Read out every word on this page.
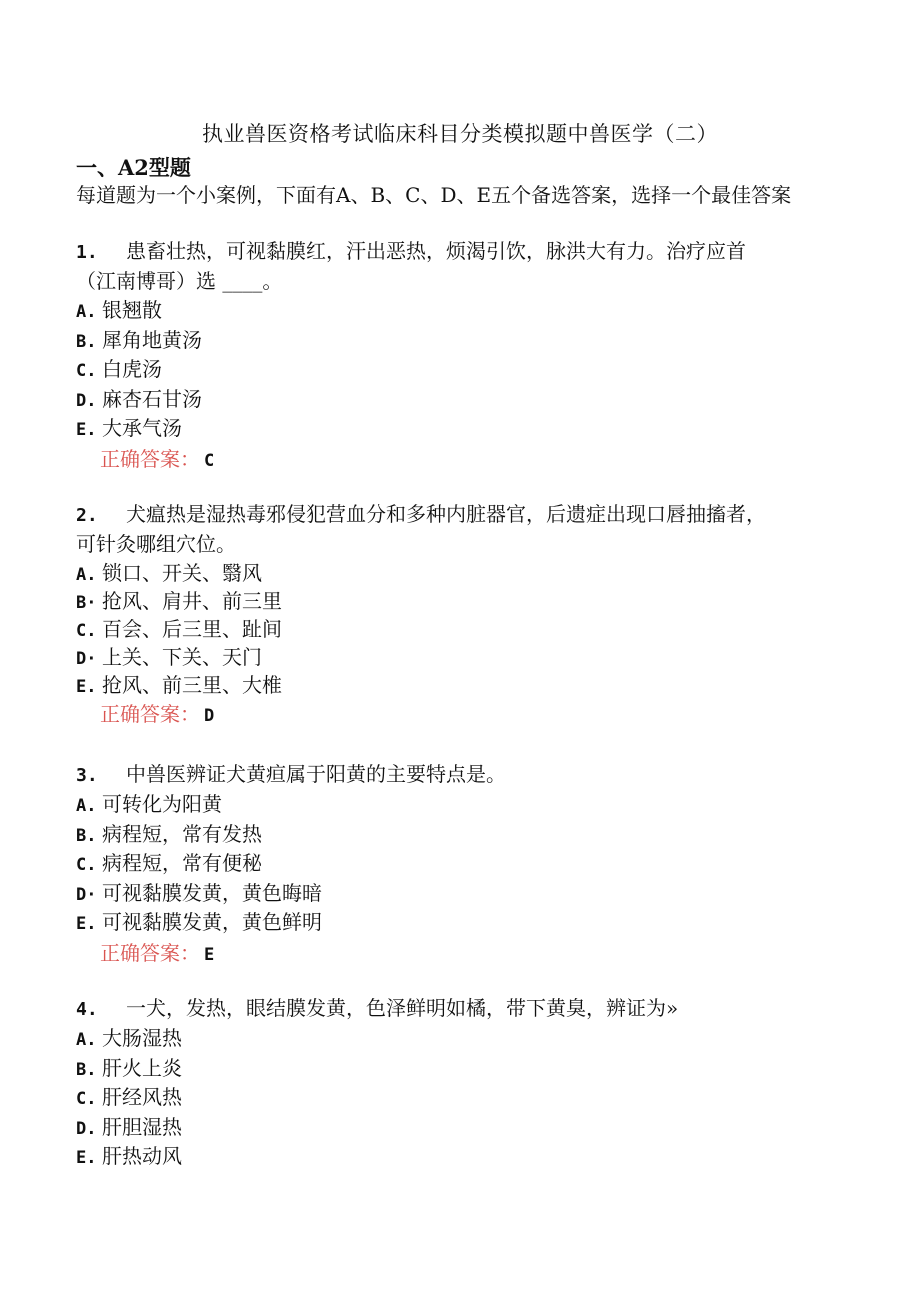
执业兽医资格考试临床科目分类模拟题中兽医学（二）
一、A2型题
每道题为一个小案例，下面有A、B、C、D、E五个备选答案，选择一个最佳答案
1. 患畜壮热，可视黏膜红，汗出恶热，烦渴引饮，脉洪大有力。治疗应首
（江南博哥）选 ____。
A. 银翘散
B. 犀角地黄汤
C. 白虎汤
D. 麻杏石甘汤
E. 大承气汤
正确答案： C
2. 犬瘟热是湿热毒邪侵犯营血分和多种内脏器官，后遗症出现口唇抽搐者，
可针灸哪组穴位。
A. 锁口、开关、翳风
B· 抢风、肩井、前三里
C. 百会、后三里、趾间
D· 上关、下关、天门
E. 抢风、前三里、大椎
正确答案： D
3. 中兽医辨证犬黄疸属于阳黄的主要特点是。
A. 可转化为阳黄
B. 病程短，常有发热
C. 病程短，常有便秘
D· 可视黏膜发黄，黄色晦暗
E. 可视黏膜发黄，黄色鲜明
正确答案： E
4. 一犬，发热，眼结膜发黄，色泽鲜明如橘，带下黄臭，辨证为»
A. 大肠湿热
B. 肝火上炎
C. 肝经风热
D. 肝胆湿热
E. 肝热动风
